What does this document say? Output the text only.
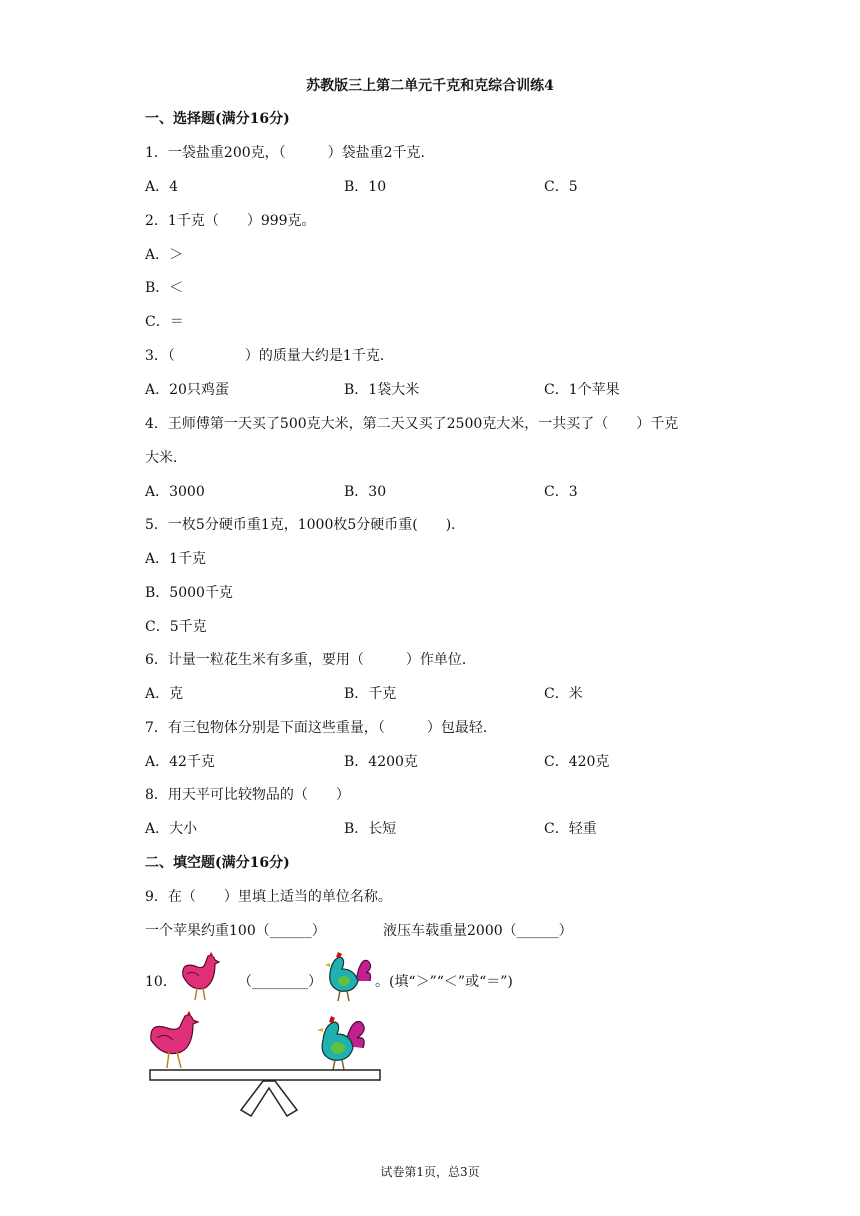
苏教版三上第二单元千克和克综合训练4
一、选择题(满分16分)
1．一袋盐重200克，（　　　）袋盐重2千克．
A．4	B．10	C．5
2．1千克（　　）999克。
A．＞
B．＜
C．＝
3．（　　　　　）的质量大约是1千克．
A．20只鸡蛋	B．1袋大米	C．1个苹果
4．王师傅第一天买了500克大米，第二天又买了2500克大米，一共买了（　　）千克
大米．
A．3000	B．30	C．3
5．一枚5分硬币重1克，1000枚5分硬币重(　　)．
A．1千克
B．5000千克
C．5千克
6．计量一粒花生米有多重，要用（　　　）作单位．
A．克	B．千克	C．米
7．有三包物体分别是下面这些重量，（　　　）包最轻．
A．42千克	B．4200克	C．420克
8．用天平可比较物品的（　　）
A．大小	B．长短	C．轻重
二、填空题(满分16分)
9．在（　　）里填上适当的单位名称。
一个苹果约重100（______）	液压车载重量2000（______）
10．	（________）	。(填“＞”“＜”或“＝”)
试卷第1页，总3页
